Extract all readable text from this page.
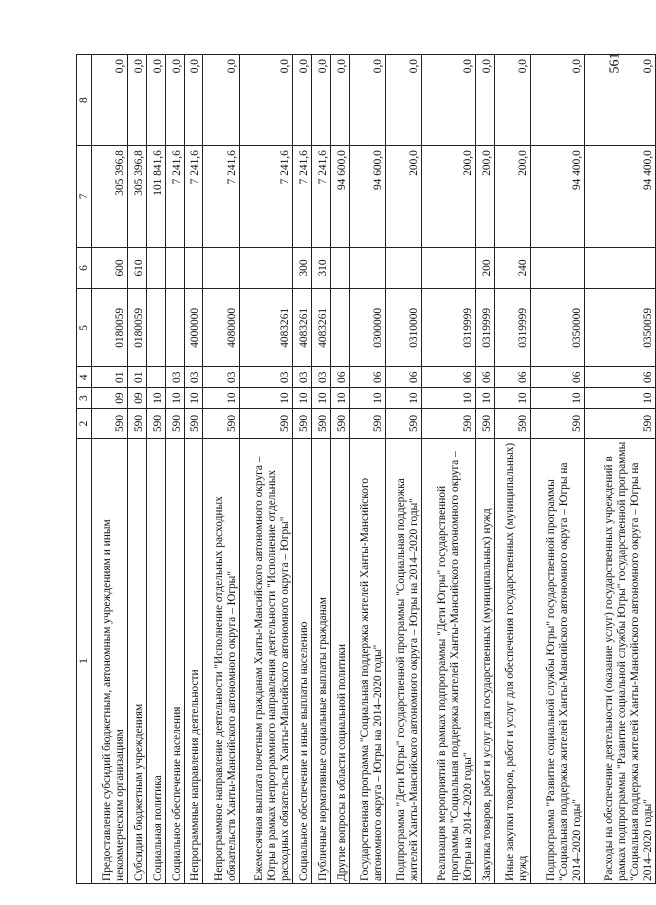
561
1	2	3	4	5	6	7	8
Предоставление субсидий бюджетным, автономным учреждениям и иным некоммерческим организациям	590	09	01	0180059	600	305 396,8	0,0
Субсидии бюджетным учреждениям	590	09	01	0180059	610	305 396,8	0,0
Социальная политика	590	10				101 841,6	0,0
Социальное обеспечение населения	590	10	03			7 241,6	0,0
Непрограммные направления деятельности	590	10	03	4000000		7 241,6	0,0
Непрограммное направление деятельности "Исполнение отдельных расходных обязательств Ханты-Мансийского автономного округа – Югры"	590	10	03	4080000		7 241,6	0,0
Ежемесячная выплата почетным гражданам Ханты-Мансийского автономного округа – Югры в рамках непрограммного направления деятельности "Исполнение отдельных расходных обязательств Ханты-Мансийского автономного округа – Югры"	590	10	03	4083261		7 241,6	0,0
Социальное обеспечение и иные выплаты населению	590	10	03	4083261	300	7 241,6	0,0
Публичные нормативные социальные выплаты гражданам	590	10	03	4083261	310	7 241,6	0,0
Другие вопросы в области социальной политики	590	10	06			94 600,0	0,0
Государственная программа "Социальная поддержка жителей Ханты-Мансийского автономного округа – Югры на 2014–2020 годы"	590	10	06	0300000		94 600,0	0,0
Подпрограмма "Дети Югры" государственной программы "Социальная поддержка жителей Ханты-Мансийского автономного округа – Югры на 2014–2020 годы"	590	10	06	0310000		200,0	0,0
Реализация мероприятий в рамках подпрограммы "Дети Югры" государственной программы "Социальная поддержка жителей Ханты-Мансийского автономного округа – Югры на 2014–2020 годы"	590	10	06	0319999		200,0	0,0
Закупка товаров, работ и услуг для государственных (муниципальных) нужд	590	10	06	0319999	200	200,0	0,0
Иные закупки товаров, работ и услуг для обеспечения государственных (муниципальных) нужд	590	10	06	0319999	240	200,0	0,0
Подпрограмма "Развитие социальной службы Югры" государственной программы "Социальная поддержка жителей Ханты-Мансийского автономного округа – Югры на 2014–2020 годы"	590	10	06	0350000		94 400,0	0,0
Расходы на обеспечение деятельности (оказание услуг) государственных учреждений в рамках подпрограммы "Развитие социальной службы Югры" государственной программы "Социальная поддержка жителей Ханты-Мансийского автономного округа – Югры на 2014–2020 годы"	590	10	06	0350059		94 400,0	0,0
